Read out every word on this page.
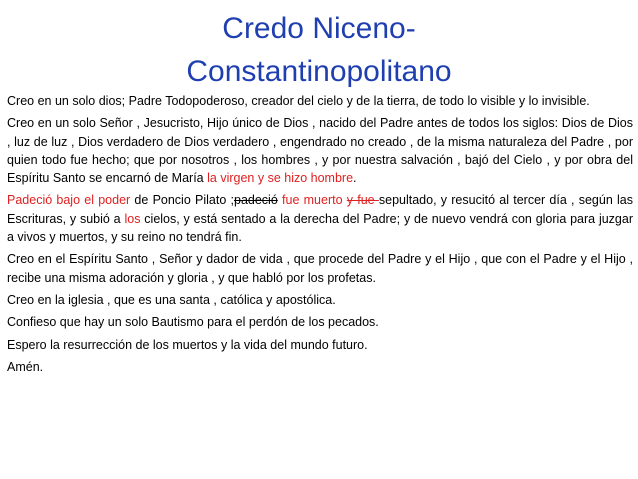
Credo Niceno-
Constantinopolitano

Creo en un solo dios; Padre Todopoderoso, creador del cielo y de la tierra, de todo lo visible y lo invisible.

Creo en un solo Señor , Jesucristo, Hijo único de Dios , nacido del Padre antes de todos los siglos: Dios de Dios , luz de luz , Dios verdadero de Dios verdadero , engendrado no creado , de la misma naturaleza del Padre , por quien todo fue hecho; que por nosotros , los hombres , y por nuestra salvación , bajó del Cielo , y por obra del Espíritu Santo se encarnó de María la virgen y se hizo hombre.

Padeció bajo el poder de Poncio Pilato ;padeció fue muerto y fue sepultado, y resucitó al tercer día , según las Escrituras, y subió a los cielos, y está sentado a la derecha del Padre; y de nuevo vendrá con gloria para juzgar a vivos y muertos, y su reino no tendrá fin.

Creo en el Espíritu Santo , Señor y dador de vida , que procede del Padre y el Hijo , que con el Padre y el Hijo , recibe una misma adoración y gloria , y que habló por los profetas.

Creo en la iglesia , que es una santa , católica y apostólica.

Confieso que hay un solo Bautismo para el perdón de los pecados.

Espero la resurrección de los muertos y la vida del mundo futuro.

Amén.
